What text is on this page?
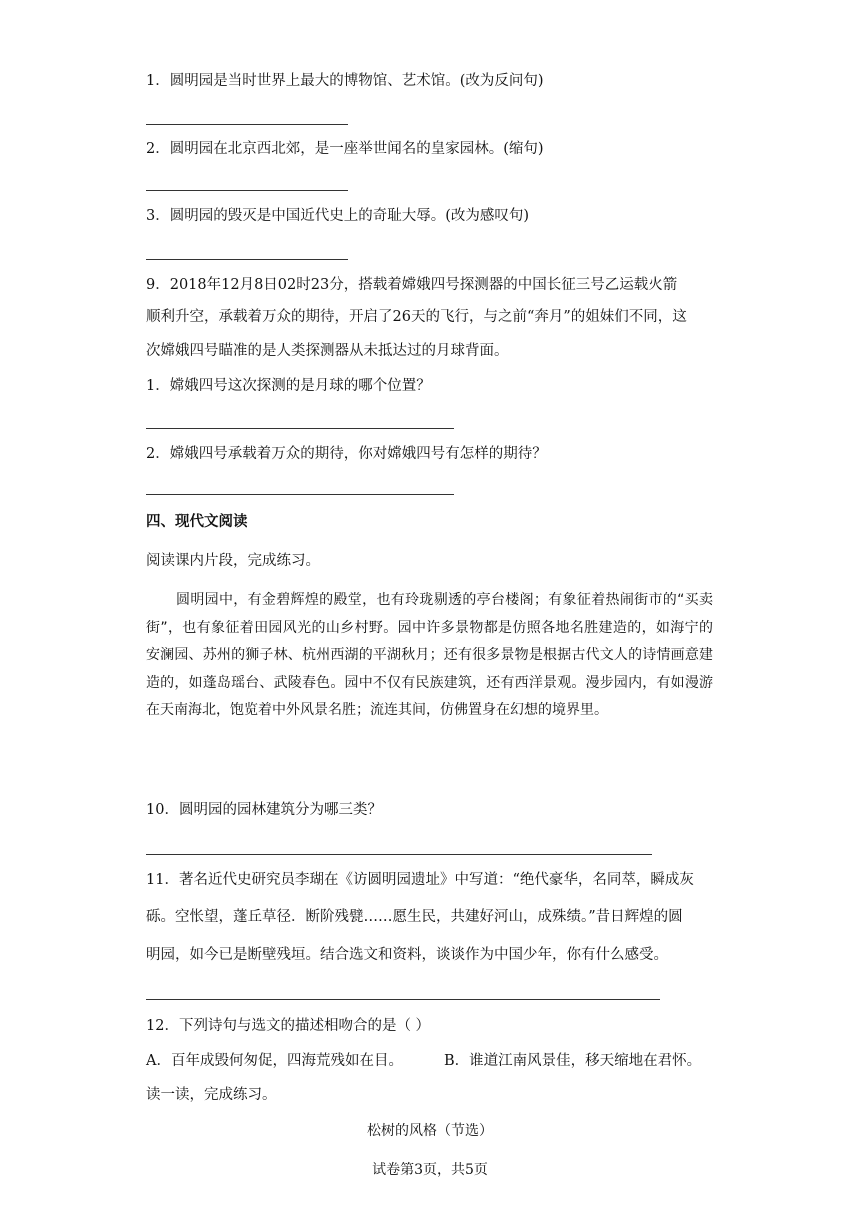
1．圆明园是当时世界上最大的博物馆、艺术馆。(改为反问句)
2．圆明园在北京西北郊，是一座举世闻名的皇家园林。(缩句)
3．圆明园的毁灭是中国近代史上的奇耻大辱。(改为感叹句)
9．2018年12月8日02时23分，搭载着嫦娥四号探测器的中国长征三号乙运载火箭
顺利升空，承载着万众的期待，开启了26天的飞行，与之前“奔月”的姐妹们不同，这
次嫦娥四号瞄准的是人类探测器从未抵达过的月球背面。
1．嫦娥四号这次探测的是月球的哪个位置？
2．嫦娥四号承载着万众的期待，你对嫦娥四号有怎样的期待？
四、现代文阅读
阅读课内片段，完成练习。
圆明园中，有金碧辉煌的殿堂，也有玲珑剔透的亭台楼阁；有象征着热闹街市的“买卖街”，也有象征着田园风光的山乡村野。园中许多景物都是仿照各地名胜建造的，如海宁的安澜园、苏州的狮子林、杭州西湖的平湖秋月；还有很多景物是根据古代文人的诗情画意建造的，如蓬岛瑶台、武陵春色。园中不仅有民族建筑，还有西洋景观。漫步园内，有如漫游在天南海北，饱览着中外风景名胜；流连其间，仿佛置身在幻想的境界里。
10．圆明园的园林建筑分为哪三类？
11．著名近代史研究员李瑚在《访圆明园遗址》中写道：“绝代豪华，名同萃，瞬成灰
砾。空怅望，蓬丘草径．断阶残甓……愿生民，共建好河山，成殊绩。”昔日辉煌的圆
明园，如今已是断壁残垣。结合选文和资料，谈谈作为中国少年，你有什么感受。
12．下列诗句与选文的描述相吻合的是（ ）
A．百年成毁何匆促，四海荒残如在目。	B．谁道江南风景佳，移天缩地在君怀。
读一读，完成练习。
松树的风格（节选）
试卷第3页，共5页
